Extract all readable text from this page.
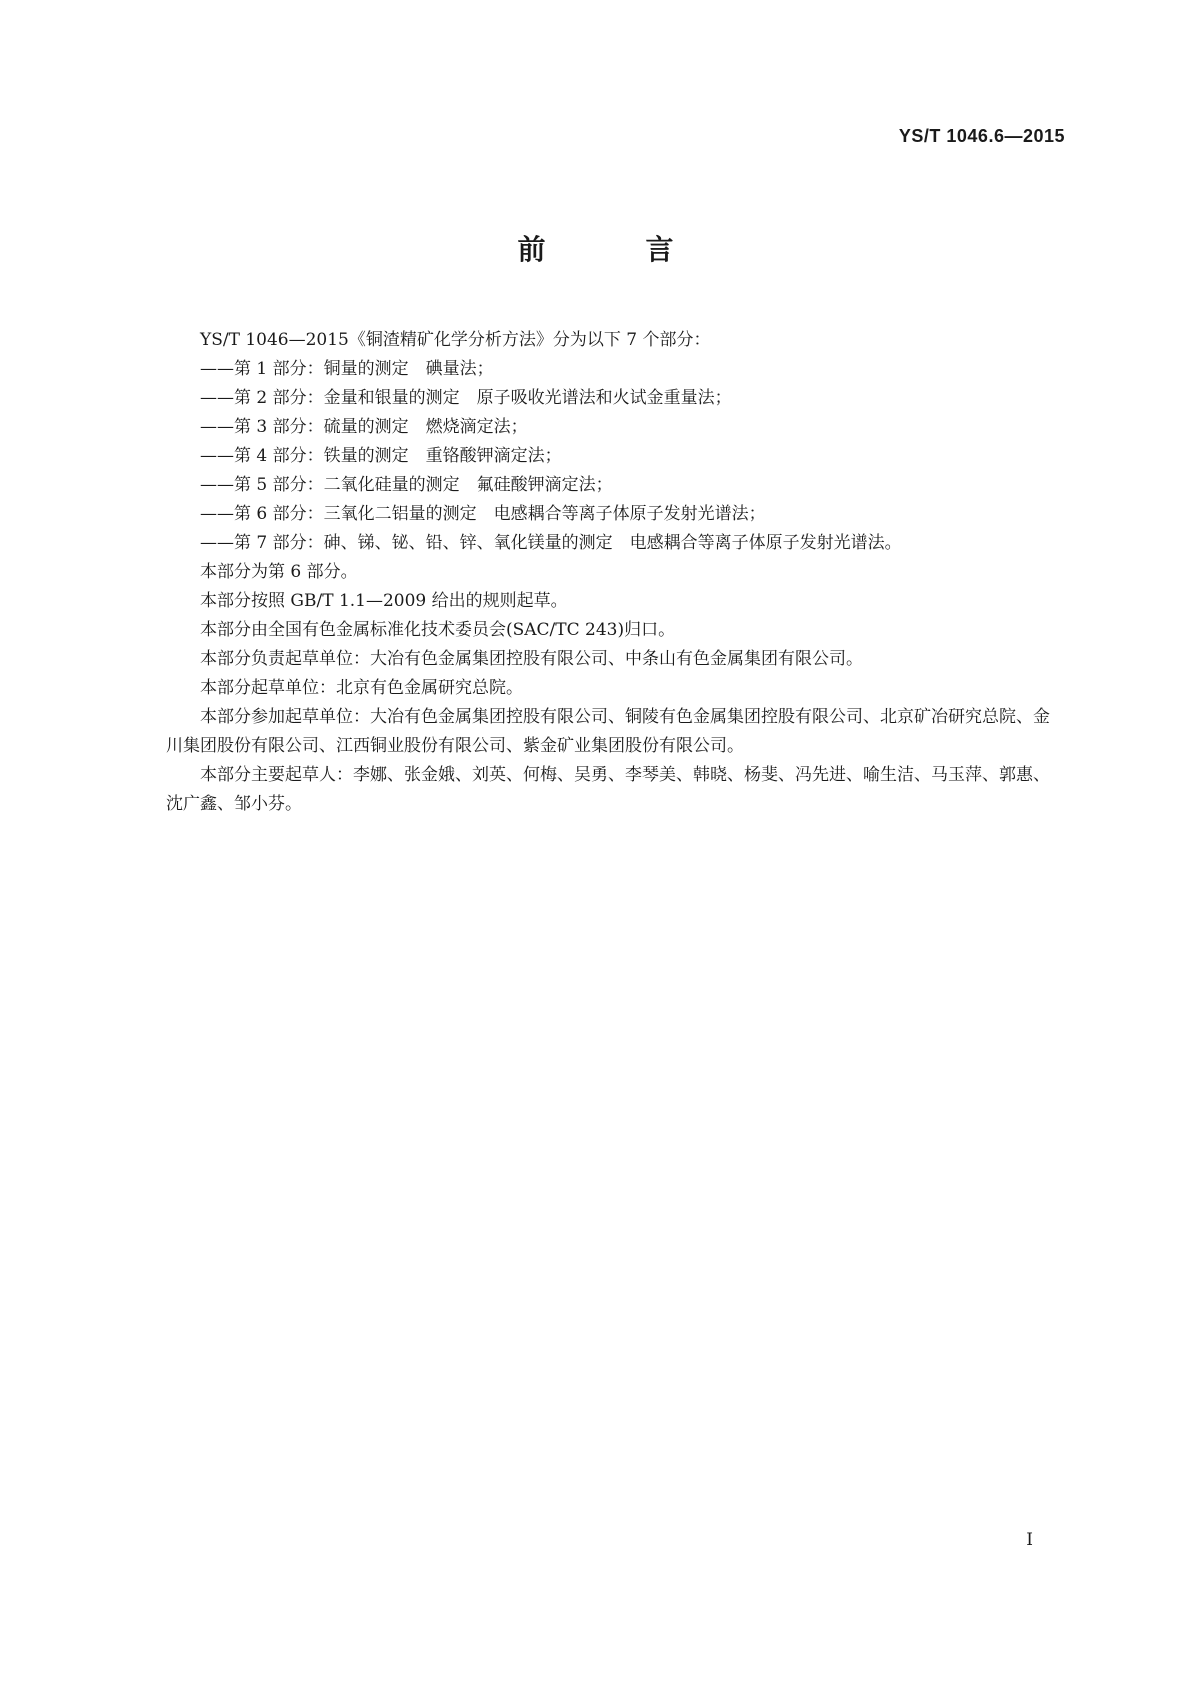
YS/T 1046.6—2015
前　言

YS/T 1046—2015《铜渣精矿化学分析方法》分为以下 7 个部分：

——第 1 部分：铜量的测定　碘量法；

——第 2 部分：金量和银量的测定　原子吸收光谱法和火试金重量法；

——第 3 部分：硫量的测定　燃烧滴定法；

——第 4 部分：铁量的测定　重铬酸钾滴定法；

——第 5 部分：二氧化硅量的测定　氟硅酸钾滴定法；

——第 6 部分：三氧化二铝量的测定　电感耦合等离子体原子发射光谱法；

——第 7 部分：砷、锑、铋、铅、锌、氧化镁量的测定　电感耦合等离子体原子发射光谱法。

本部分为第 6 部分。

本部分按照 GB/T 1.1—2009 给出的规则起草。

本部分由全国有色金属标准化技术委员会(SAC/TC 243)归口。

本部分负责起草单位：大冶有色金属集团控股有限公司、中条山有色金属集团有限公司。

本部分起草单位：北京有色金属研究总院。

本部分参加起草单位：大冶有色金属集团控股有限公司、铜陵有色金属集团控股有限公司、北京矿冶研究总院、金川集团股份有限公司、江西铜业股份有限公司、紫金矿业集团股份有限公司。

本部分主要起草人：李娜、张金娥、刘英、何梅、吴勇、李琴美、韩晓、杨斐、冯先进、喻生洁、马玉萍、郭惠、沈广鑫、邹小芬。

I
